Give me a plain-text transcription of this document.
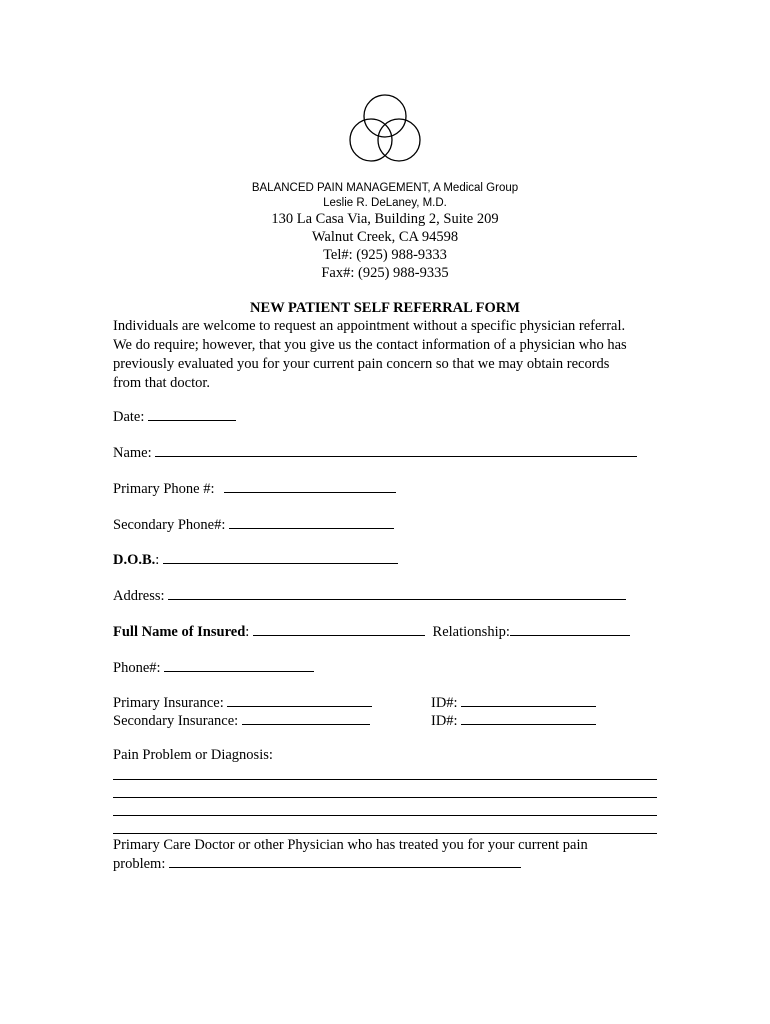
BALANCED PAIN MANAGEMENT, A Medical Group
Leslie R. DeLaney, M.D.
130 La Casa Via, Building 2, Suite 209
Walnut Creek, CA 94598
Tel#: (925) 988-9333
Fax#: (925) 988-9335
NEW PATIENT SELF REFERRAL FORM
Individuals are welcome to request an appointment without a specific physician referral.
We do require; however, that you give us the contact information of a physician who has
previously evaluated you for your current pain concern so that we may obtain records
from that doctor.
Date:
Name:
Primary Phone #:
Secondary Phone#:
D.O.B.:
Address:
Full Name of Insured:	Relationship:
Phone#:
Primary Insurance:
Secondary Insurance:
ID#:
ID#:
Pain Problem or Diagnosis:
Primary Care Doctor or other Physician who has treated you for your current pain
problem:
